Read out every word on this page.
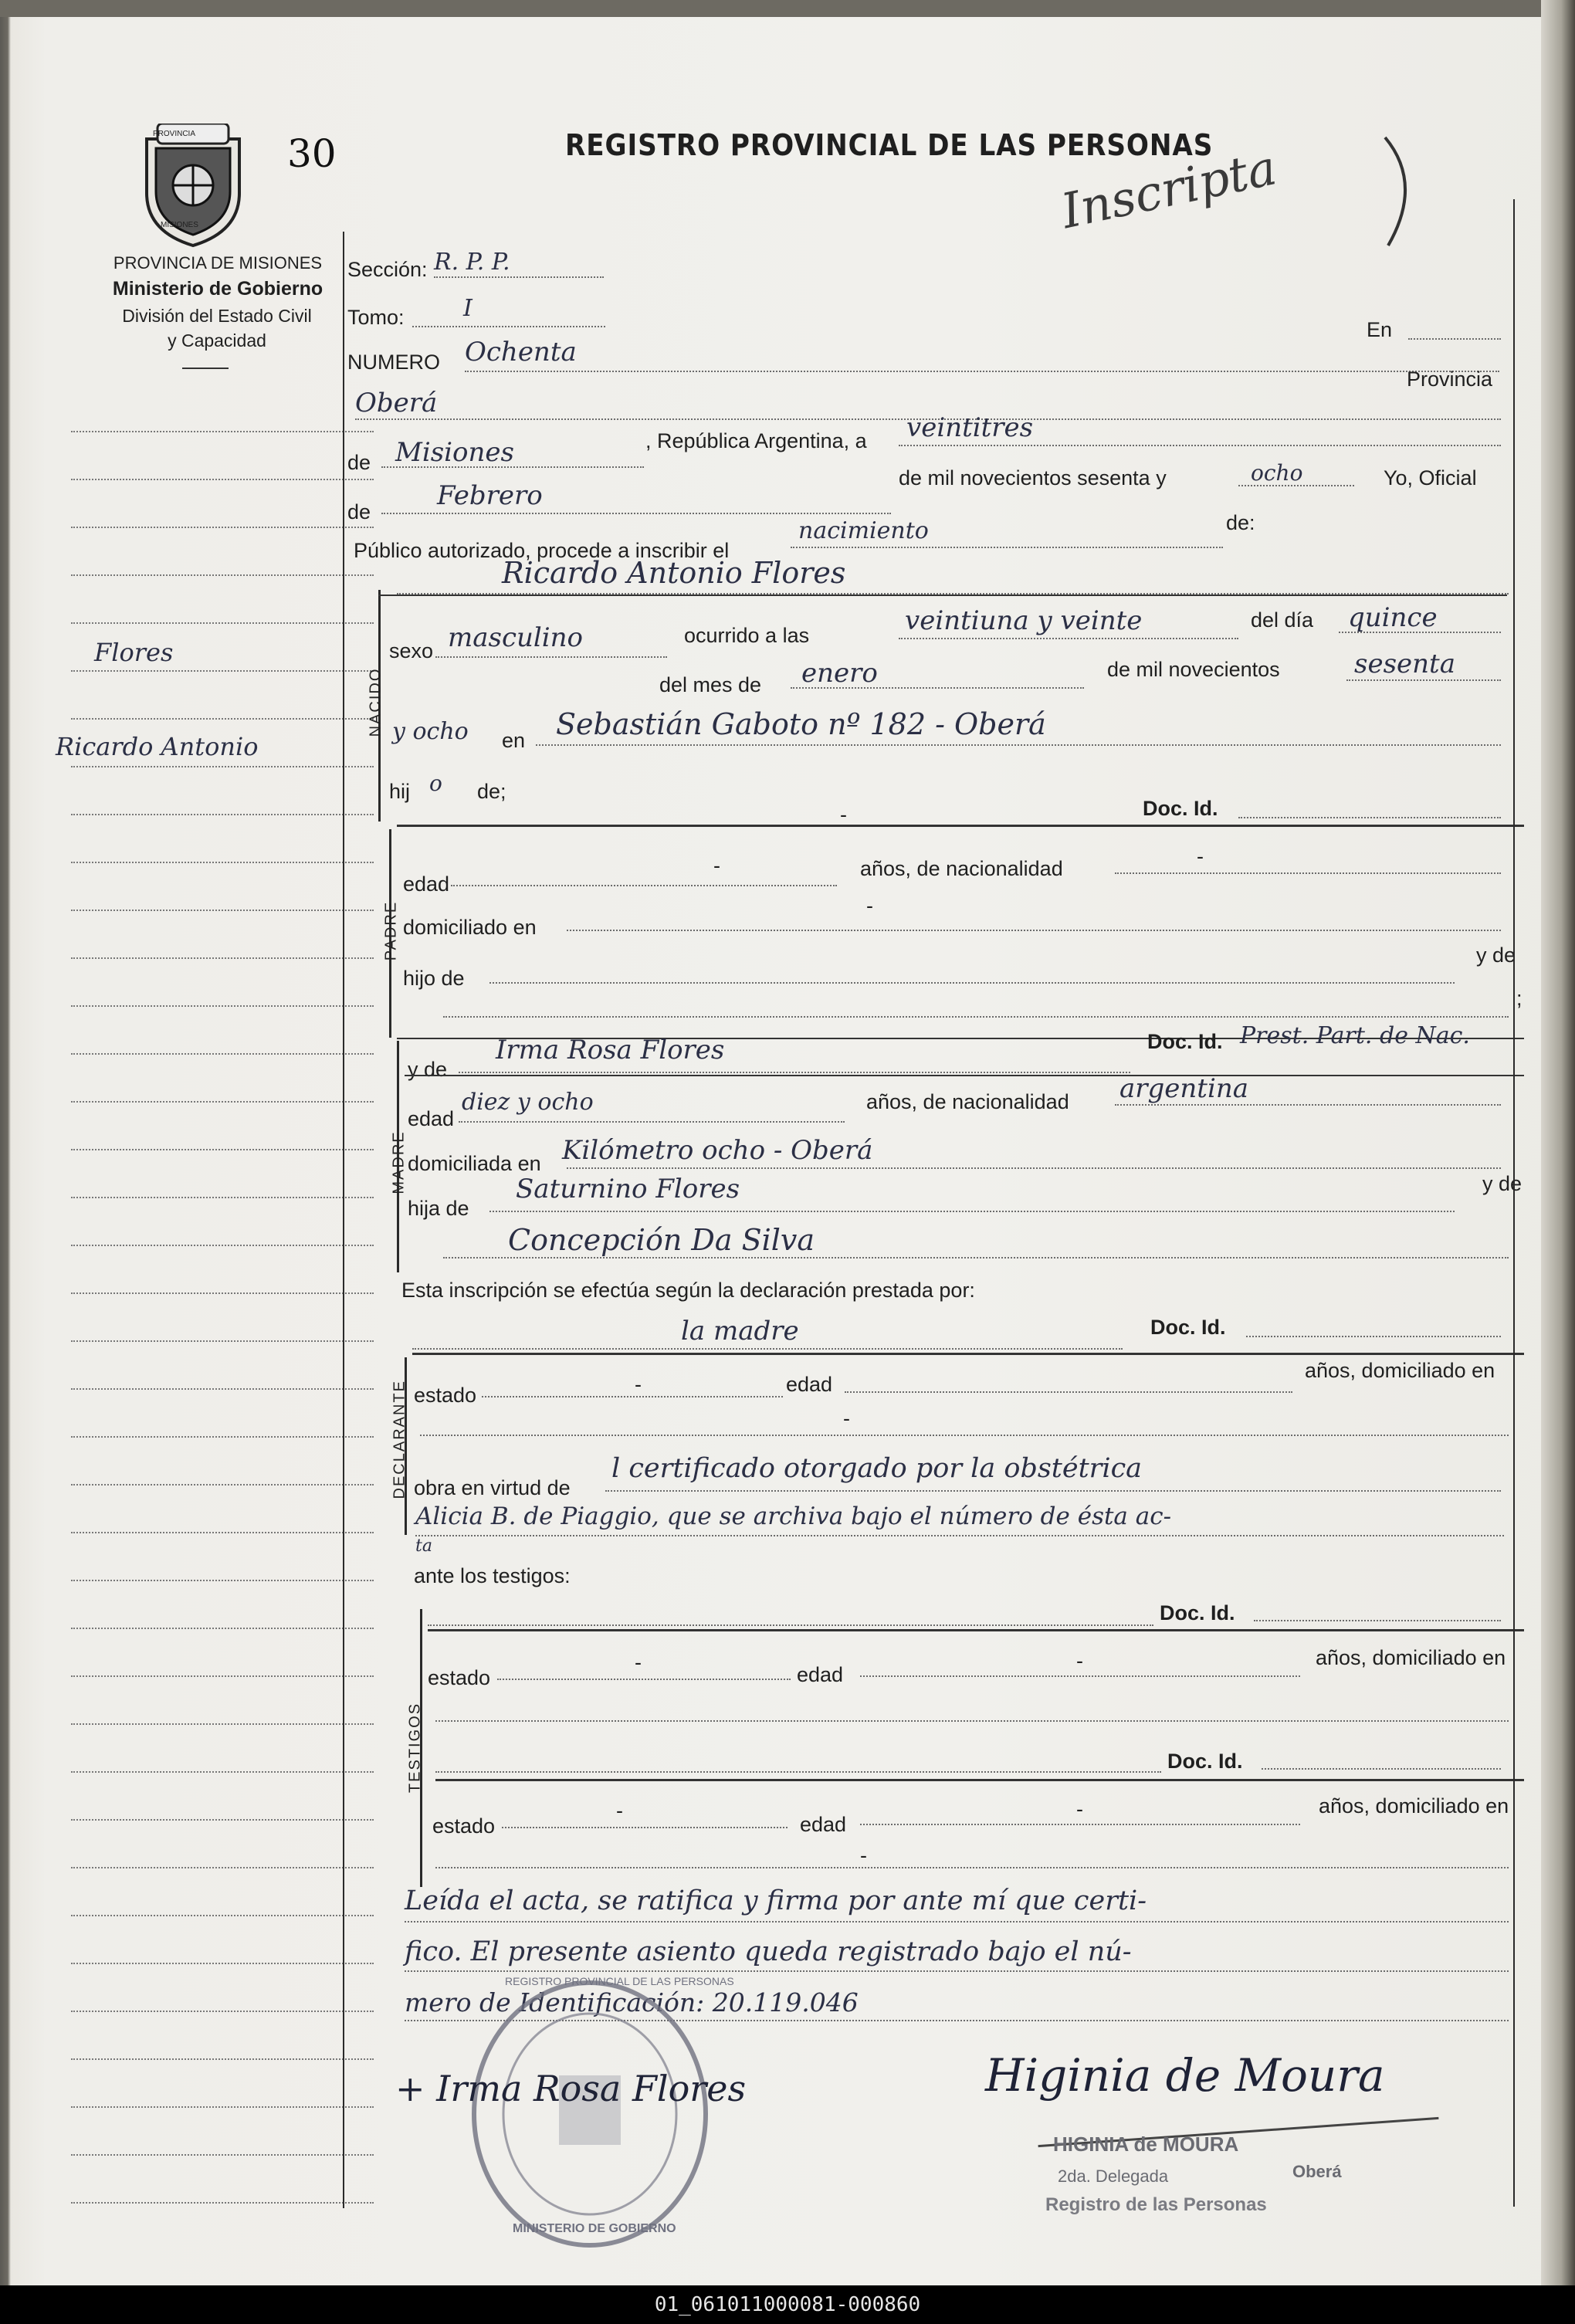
PROVINCIA
MISIONES
30	REGISTRO PROVINCIAL DE LAS PERSONAS
Inscripta
PROVINCIA DE MISIONES
Ministerio de Gobierno
División del Estado Civil
y Capacidad
Flores
Ricardo Antonio
Sección: R. P. P.
Tomo:	I
En
NUMERO Ochenta
Provincia
Oberá
de Misiones	, República Argentina, a veintitres
de
Febrero
de mil novecientos sesenta y	ocho	Yo, Oficial
Público autorizado, procede a inscribir el
nacimiento	de:
Ricardo Antonio Flores
NACIDO
sexo masculino	ocurrido a las	veintiuna y veinte	del día quince
del mes de enero	de mil novecientos	sesenta
y ocho en Sebastián Gaboto nº 182 - Oberá
hij o de;
-	Doc. Id.
PADRE
edad
-	años, de nacionalidad
-
domiciliado en
-
hijo de
y de
;
MADRE
y de
Irma Rosa Flores	Doc. Id. Prest. Part. de Nac.
edad
diez y ocho	años, de nacionalidad argentina
domiciliada en Kilómetro ocho - Oberá
hija de
Saturnino Flores	y de
Concepción Da Silva
Esta inscripción se efectúa según la declaración prestada por:
la madre	Doc. Id.
DECLARANTE estado	-	edad
años, domiciliado en
-
obra en virtud de
l certificado otorgado por la obstétrica
Alicia B. de Piaggio, que se archiva bajo el número de ésta ac-
ta
ante los testigos:
TESTIGOS
Doc. Id.
estado
-
edad
-	años, domiciliado en
Doc. Id.
estado
-
edad
-	años, domiciliado en
-
Leída el acta, se ratifica y firma por ante mí que certi-
fico. El presente asiento queda registrado bajo el nú-
mero de Identificación: 20.119.046
REGISTRO PROVINCIAL DE LAS PERSONAS
MINISTERIO DE GOBIERNO
+ Irma Rosa Flores	Higinia de Moura
HIGINIA de MOURA
2da. Delegada	Oberá
Registro de las Personas
01_061011000081-000860
